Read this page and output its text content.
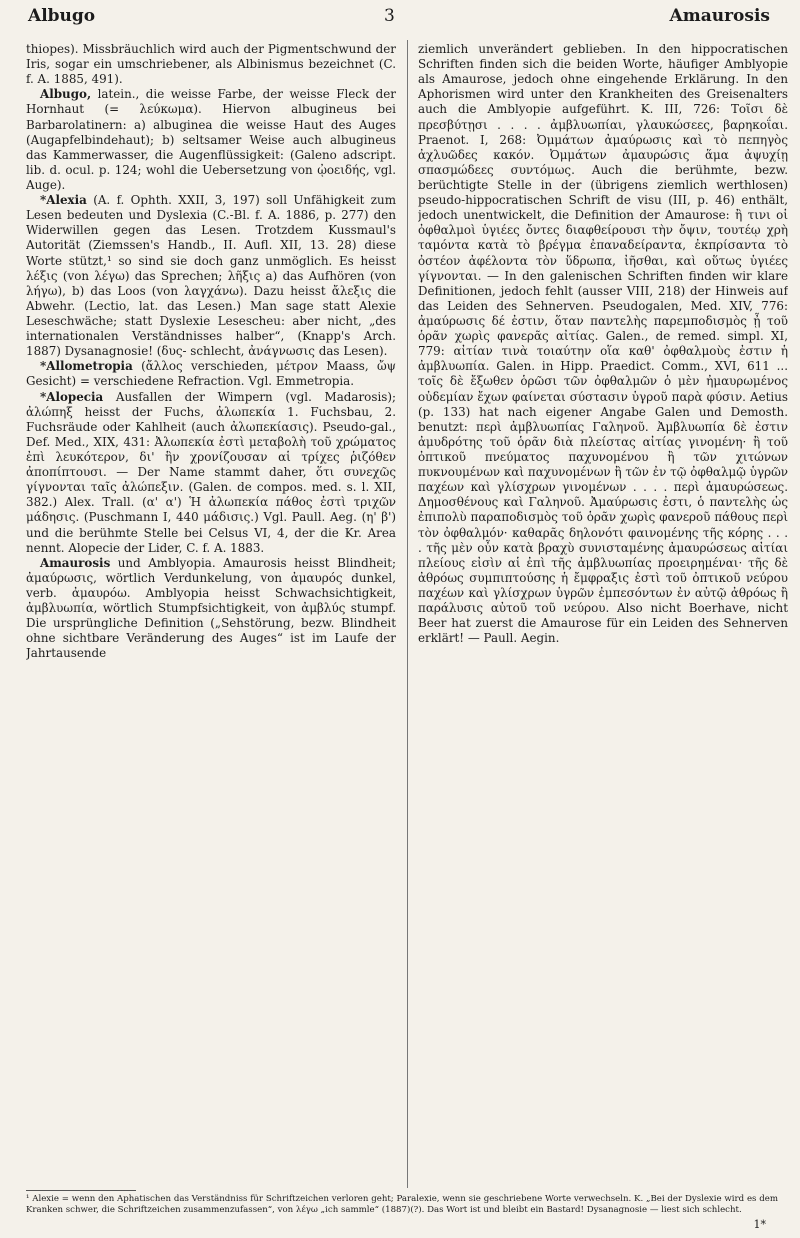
Albugo	3	Amaurosis

thiopes). Missbräuchlich wird auch der Pigmentschwund der Iris, sogar ein umschriebener, als Albinismus bezeichnet (C. f. A. 1885, 491).

Albugo, latein., die weisse Farbe, der weisse Fleck der Hornhaut (= λεύκωμα). Hiervon albugineus bei Barbarolatinern: a) albuginea die weisse Haut des Auges (Augapfelbindehaut); b) seltsamer Weise auch albugineus das Kammerwasser, die Augenflüssigkeit: (Galeno adscript. lib. d. ocul. p. 124; wohl die Uebersetzung von ᾠοειδής, vgl. Auge).

*Alexia (A. f. Ophth. XXII, 3, 197) soll Unfähigkeit zum Lesen bedeuten und Dyslexia (C.-Bl. f. A. 1886, p. 277) den Widerwillen gegen das Lesen. Trotzdem Kussmaul's Autorität (Ziemssen's Handb., II. Aufl. XII, 13. 28) diese Worte stützt,¹ so sind sie doch ganz unmöglich. Es heisst λέξις (von λέγω) das Sprechen; λῆξις a) das Aufhören (von λήγω), b) das Loos (von λαγχάνω). Dazu heisst ἄλεξις die Abwehr. (Lectio, lat. das Lesen.) Man sage statt Alexie Leseschwäche; statt Dyslexie Lesescheu: aber nicht, „des internationalen Verständnisses halber“, (Knapp's Arch. 1887) Dysanagnosie! (δυς- schlecht, ἀνάγνωσις das Lesen).

*Allometropia (ἄλλος verschieden, μέτρον Maass, ὤψ Gesicht) = verschiedene Refraction. Vgl. Emmetropia.

*Alopecia Ausfallen der Wimpern (vgl. Madarosis); ἀλώπηξ heisst der Fuchs, ἀλωπεκία 1. Fuchsbau, 2. Fuchsräude oder Kahlheit (auch ἀλωπεκίασις). Pseudo-gal., Def. Med., XIX, 431: Ἀλωπεκία ἐστὶ μεταβολὴ τοῦ χρώματος ἐπὶ λευκότερον, δι' ἣν χρονίζουσαν αἱ τρίχες ῥιζόθεν ἀποπίπτουσι. — Der Name stammt daher, ὅτι συνεχῶς γίγνονται ταῖς ἀλώπεξιν. (Galen. de compos. med. s. l. XII, 382.) Alex. Trall. (α' α') Ἡ ἀλωπεκία πάθος ἐστὶ τριχῶν μάδησις. (Puschmann I, 440 μάδισις.) Vgl. Paull. Aeg. (η' β') und die berühmte Stelle bei Celsus VI, 4, der die Kr. Area nennt. Alopecie der Lider, C. f. A. 1883.

Amaurosis und Amblyopia. Amaurosis heisst Blindheit; ἀμαύρωσις, wörtlich Verdunkelung, von ἀμαυρός dunkel, verb. ἀμαυρόω. Amblyopia heisst Schwachsichtigkeit, ἀμβλυωπία, wörtlich Stumpfsichtigkeit, von ἀμβλύς stumpf. Die ursprüngliche Definition („Sehstörung, bezw. Blindheit ohne sichtbare Veränderung des Auges“ ist im Laufe der Jahrtausende

ziemlich unverändert geblieben. In den hippocratischen Schriften finden sich die beiden Worte, häufiger Amblyopie als Amaurose, jedoch ohne eingehende Erklärung. In den Aphorismen wird unter den Krankheiten des Greisenalters auch die Amblyopie aufgeführt. K. III, 726: Τοῖσι δὲ πρεσβύτῃσι . . . . ἀμβλυωπίαι, γλαυκώσεες, βαρηκοΐαι. Praenot. I, 268: Ὀμμάτων ἀμαύρωσις καὶ τὸ πεπηγὸς ἀχλυῶδες κακόν. Ὀμμάτων ἀμαυρώσις ἅμα ἀψυχίῃ σπασμώδεες συντόμως. Auch die berühmte, bezw. berüchtigte Stelle in der (übrigens ziemlich werthlosen) pseudo-hippocratischen Schrift de visu (III, p. 46) enthält, jedoch unentwickelt, die Definition der Amaurose: ἢ τινι οἱ ὀφθαλμοὶ ὑγιέες ὄντες διαφθείρουσι τὴν ὄψιν, τουτέῳ χρὴ ταμόντα κατὰ τὸ βρέγμα ἐπαναδείραντα, ἐκπρίσαντα τὸ ὀστέον ἀφέλοντα τὸν ὕδρωπα, ἰῆσθαι, καὶ οὕτως ὑγιέες γίγνονται. — In den galenischen Schriften finden wir klare Definitionen, jedoch fehlt (ausser VIII, 218) der Hinweis auf das Leiden des Sehnerven. Pseudogalen, Med. XIV, 776: ἀμαύρωσις δέ ἐστιν, ὅταν παντελὴς παρεμποδισμὸς ᾖ τοῦ ὁρᾶν χωρὶς φανερᾶς αἰτίας. Galen., de remed. simpl. XI, 779: αἰτίαν τινὰ τοιαύτην οἵα καθ' ὀφθαλμοὺς ἐστιν ἡ ἀμβλυωπία. Galen. in Hipp. Praedict. Comm., XVI, 611 ... τοῖς δὲ ἔξωθεν ὁρῶσι τῶν ὀφθαλμῶν ὁ μὲν ἠμαυρωμένος οὐδεμίαν ἔχων φαίνεται σύστασιν ὑγροῦ παρὰ φύσιν. Aetius (p. 133) hat nach eigener Angabe Galen und Demosth. benutzt: περὶ ἀμβλυωπίας Γαληνοῦ. Ἀμβλυωπία δὲ ἐστιν ἀμυδρότης τοῦ ὁρᾶν διὰ πλείστας αἰτίας γινομένη· ἢ τοῦ ὀπτικοῦ πνεύματος παχυνομένου ἢ τῶν χιτώνων πυκνουμένων καὶ παχυνομένων ἢ τῶν ἐν τῷ ὀφθαλμῷ ὑγρῶν παχέων καὶ γλίσχρων γινομένων . . . . περὶ ἀμαυρώσεως. Δημοσθένους καὶ Γαληνοῦ. Ἀμαύρωσις ἐστι, ὁ παντελὴς ὡς ἐπιπολὺ παραποδισμὸς τοῦ ὁρᾶν χωρὶς φανεροῦ πάθους περὶ τὸν ὀφθαλμόν· καθαρᾶς δηλονότι φαινομένης τῆς κόρης . . . . τῆς μὲν οὖν κατὰ βραχὺ συνισταμένης ἀμαυρώσεως αἰτίαι πλείους εἰσὶν αἱ ἐπὶ τῆς ἀμβλυωπίας προειρημέναι· τῆς δὲ ἀθρόως συμπιπτούσης ἡ ἔμφραξις ἐστὶ τοῦ ὀπτικοῦ νεύρου παχέων καὶ γλίσχρων ὑγρῶν ἐμπεσόντων ἐν αὐτῷ ἀθρόως ἢ παράλυσις αὐτοῦ τοῦ νεύρου. Also nicht Boerhave, nicht Beer hat zuerst die Amaurose für ein Leiden des Sehnerven erklärt! — Paull. Aegin.

¹ Alexie = wenn den Aphatischen das Verständniss für Schriftzeichen verloren geht; Paralexie, wenn sie geschriebene Worte verwechseln. K. „Bei der Dyslexie wird es dem Kranken schwer, die Schriftzeichen zusammenzufassen“, von λέγω „ich sammle“ (1887)(?). Das Wort ist und bleibt ein Bastard! Dysanagnosie — liest sich schlecht.
1*
